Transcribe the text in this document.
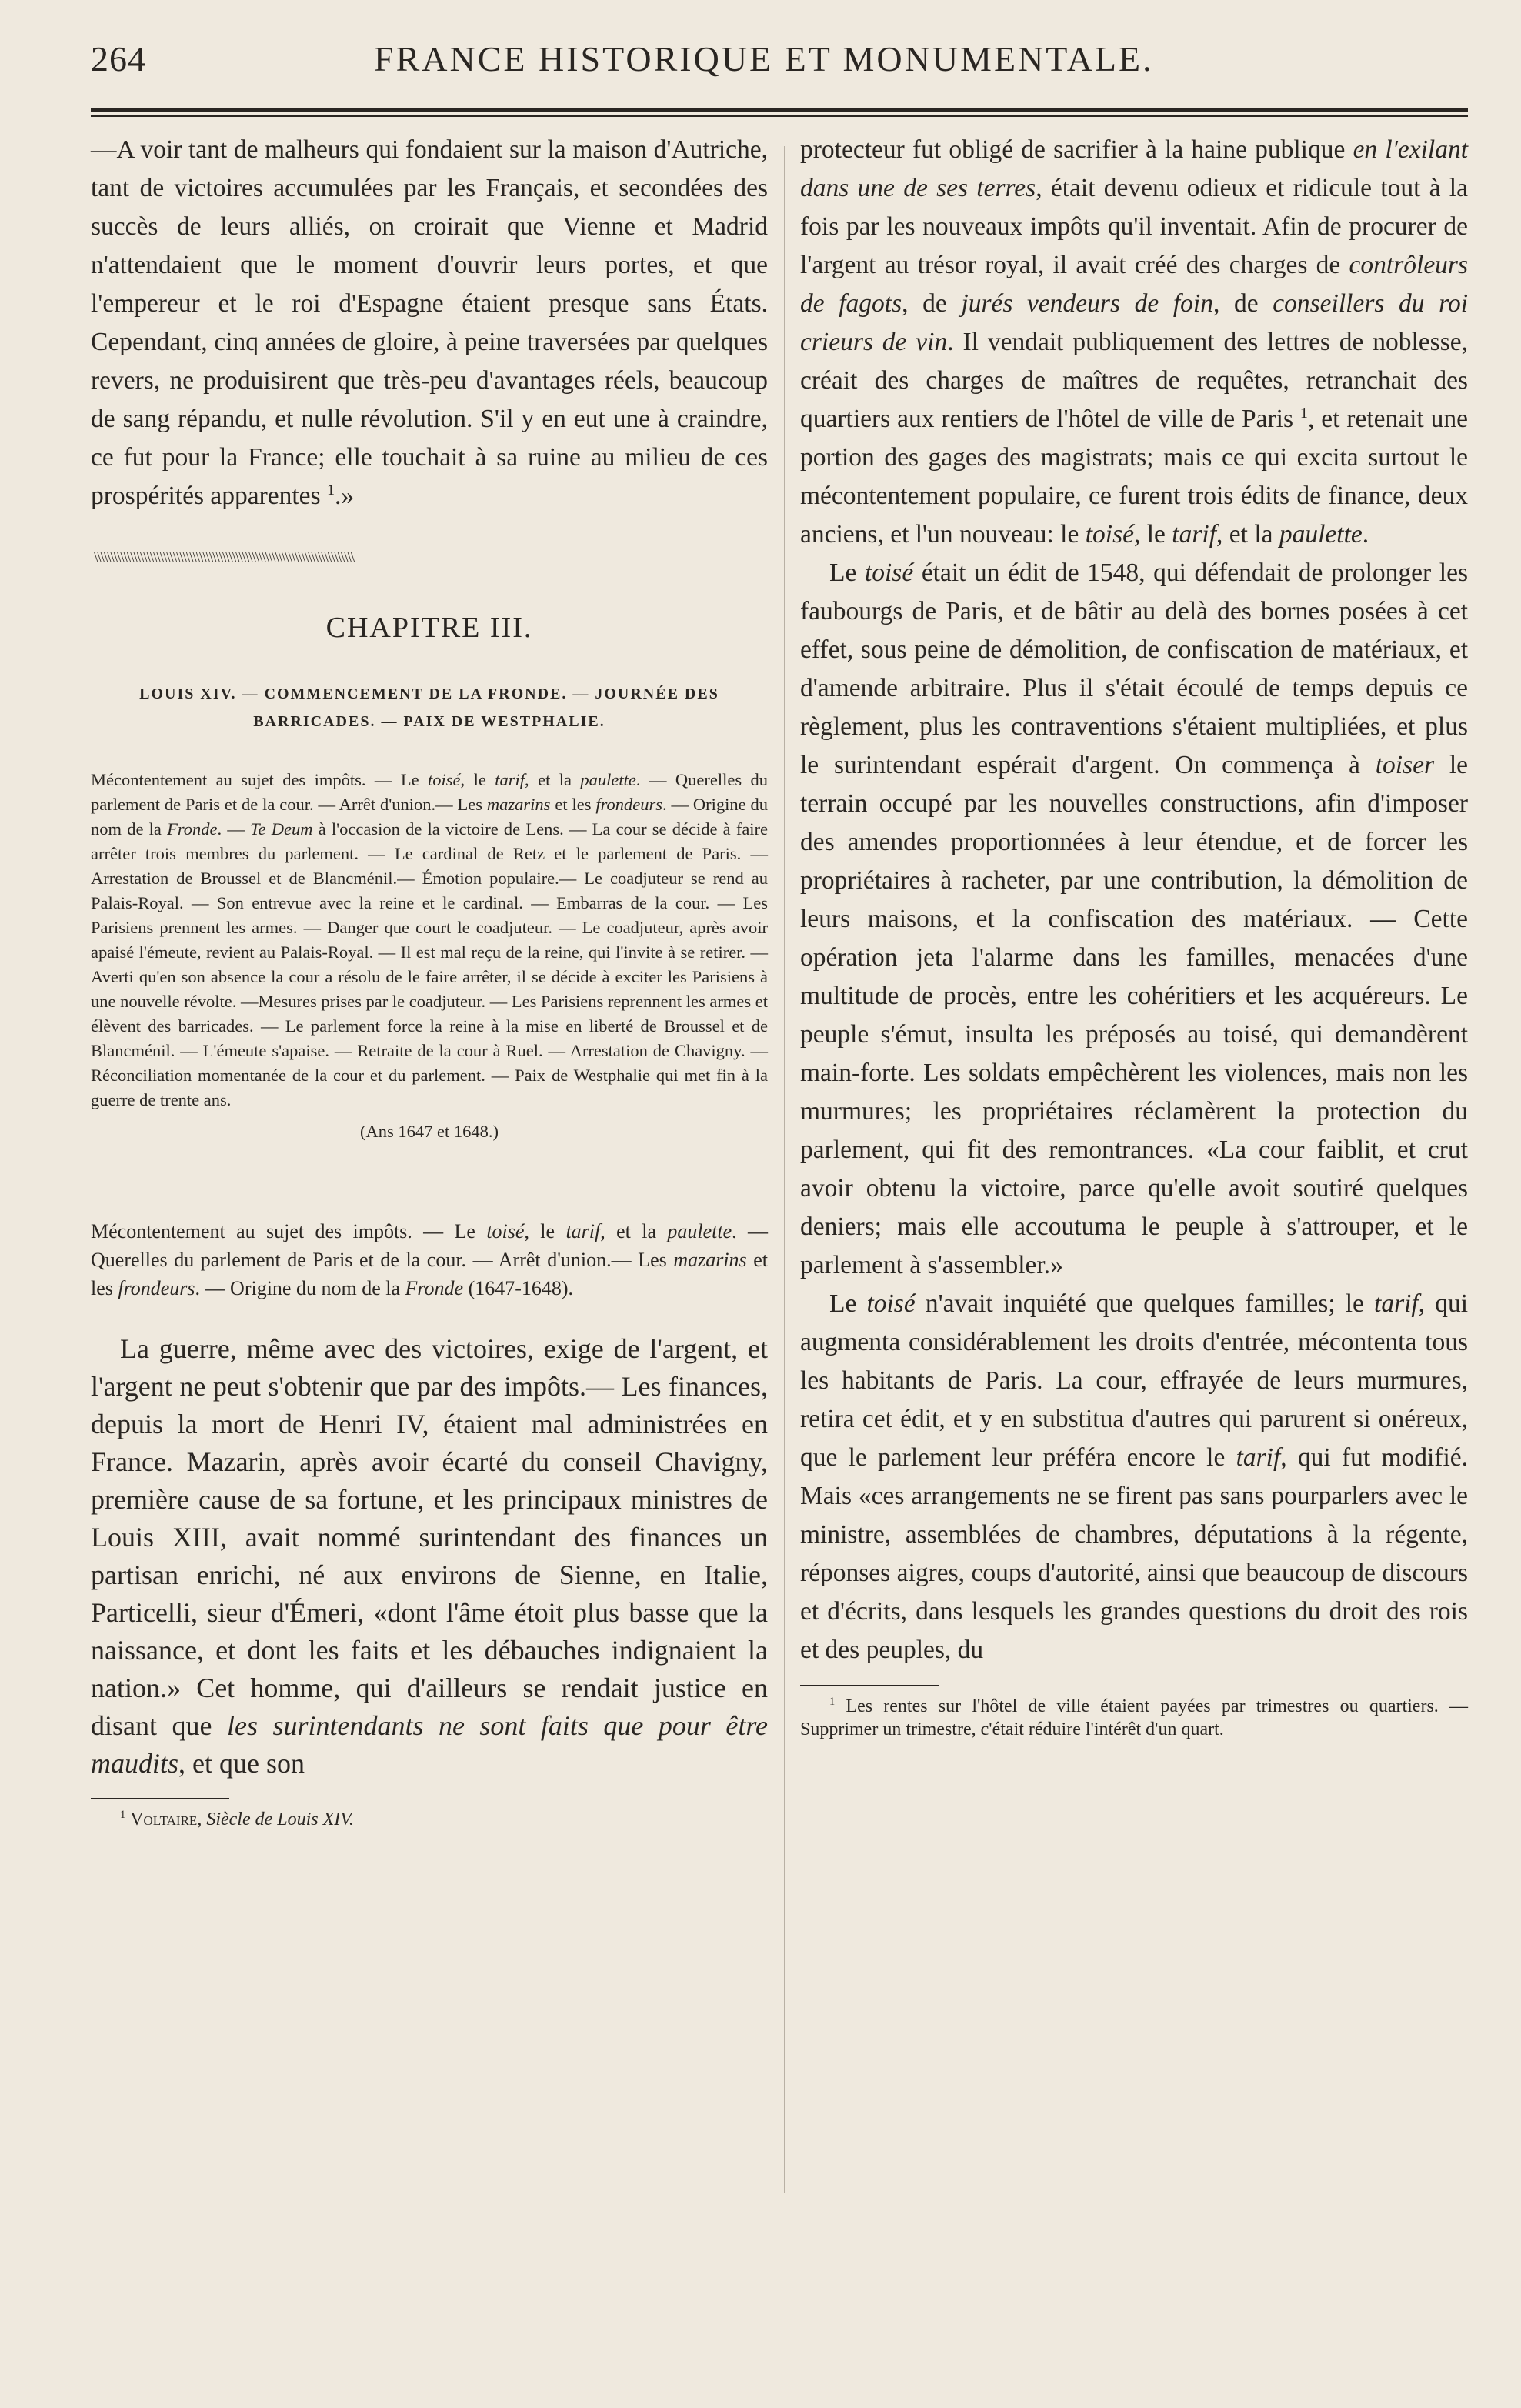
264	FRANCE HISTORIQUE ET MONUMENTALE.

—A voir tant de malheurs qui fondaient sur la maison d'Autriche, tant de victoires accumulées par les Français, et secondées des succès de leurs alliés, on croirait que Vienne et Madrid n'attendaient que le moment d'ouvrir leurs portes, et que l'empereur et le roi d'Espagne étaient presque sans États. Cependant, cinq années de gloire, à peine traversées par quelques revers, ne produisirent que très-peu d'avantages réels, beaucoup de sang répandu, et nulle révolution. S'il y en eut une à craindre, ce fut pour la France; elle touchait à sa ruine au milieu de ces prospérités apparentes $^1$.»

\\\\\\\\\\\\\\\\\\\\\\\\\\\\\\\\\\\\\\\\\\\\\\\\\\\\\\\\\\\\\\\\\\\\\\\\\\\\\\\
CHAPITRE III.
LOUIS XIV. — COMMENCEMENT DE LA FRONDE. — JOURNÉE DES BARRICADES. — PAIX DE WESTPHALIE.

Mécontentement au sujet des impôts. — Le toisé, le tarif, et la paulette. — Querelles du parlement de Paris et de la cour. — Arrêt d'union.— Les mazarins et les frondeurs. — Origine du nom de la Fronde. — Te Deum à l'occasion de la victoire de Lens. — La cour se décide à faire arrêter trois membres du parlement. — Le cardinal de Retz et le parlement de Paris. — Arrestation de Broussel et de Blancménil.— Émotion populaire.— Le coadjuteur se rend au Palais-Royal. — Son entrevue avec la reine et le cardinal. — Embarras de la cour. — Les Parisiens prennent les armes. — Danger que court le coadjuteur. — Le coadjuteur, après avoir apaisé l'émeute, revient au Palais-Royal. — Il est mal reçu de la reine, qui l'invite à se retirer. — Averti qu'en son absence la cour a résolu de le faire arrêter, il se décide à exciter les Parisiens à une nouvelle révolte. —Mesures prises par le coadjuteur. — Les Parisiens reprennent les armes et élèvent des barricades. — Le parlement force la reine à la mise en liberté de Broussel et de Blancménil. — L'émeute s'apaise. — Retraite de la cour à Ruel. — Arrestation de Chavigny. — Réconciliation momentanée de la cour et du parlement. — Paix de Westphalie qui met fin à la guerre de trente ans.

(Ans 1647 et 1648.)

Mécontentement au sujet des impôts. — Le toisé, le tarif, et la paulette. — Querelles du parlement de Paris et de la cour. — Arrêt d'union.— Les mazarins et les frondeurs. — Origine du nom de la Fronde (1647-1648).

La guerre, même avec des victoires, exige de l'argent, et l'argent ne peut s'obtenir que par des impôts.— Les finances, depuis la mort de Henri IV, étaient mal administrées en France. Mazarin, après avoir écarté du conseil Chavigny, première cause de sa fortune, et les principaux ministres de Louis XIII, avait nommé surintendant des finances un partisan enrichi, né aux environs de Sienne, en Italie, Particelli, sieur d'Émeri, «dont l'âme étoit plus basse que la naissance, et dont les faits et les débauches indignaient la nation.» Cet homme, qui d'ailleurs se rendait justice en disant que les surintendants ne sont faits que pour être maudits, et que son

$^1$ Voltaire, Siècle de Louis XIV.

protecteur fut obligé de sacrifier à la haine publique en l'exilant dans une de ses terres, était devenu odieux et ridicule tout à la fois par les nouveaux impôts qu'il inventait. Afin de procurer de l'argent au trésor royal, il avait créé des charges de contrôleurs de fagots, de jurés vendeurs de foin, de conseillers du roi crieurs de vin. Il vendait publiquement des lettres de noblesse, créait des charges de maîtres de requêtes, retranchait des quartiers aux rentiers de l'hôtel de ville de Paris $^1$, et retenait une portion des gages des magistrats; mais ce qui excita surtout le mécontentement populaire, ce furent trois édits de finance, deux anciens, et l'un nouveau: le toisé, le tarif, et la paulette.

Le toisé était un édit de 1548, qui défendait de prolonger les faubourgs de Paris, et de bâtir au delà des bornes posées à cet effet, sous peine de démolition, de confiscation de matériaux, et d'amende arbitraire. Plus il s'était écoulé de temps depuis ce règlement, plus les contraventions s'étaient multipliées, et plus le surintendant espérait d'argent. On commença à toiser le terrain occupé par les nouvelles constructions, afin d'imposer des amendes proportionnées à leur étendue, et de forcer les propriétaires à racheter, par une contribution, la démolition de leurs maisons, et la confiscation des matériaux. — Cette opération jeta l'alarme dans les familles, menacées d'une multitude de procès, entre les cohéritiers et les acquéreurs. Le peuple s'émut, insulta les préposés au toisé, qui demandèrent main-forte. Les soldats empêchèrent les violences, mais non les murmures; les propriétaires réclamèrent la protection du parlement, qui fit des remontrances. «La cour faiblit, et crut avoir obtenu la victoire, parce qu'elle avoit soutiré quelques deniers; mais elle accoutuma le peuple à s'attrouper, et le parlement à s'assembler.»

Le toisé n'avait inquiété que quelques familles; le tarif, qui augmenta considérablement les droits d'entrée, mécontenta tous les habitants de Paris. La cour, effrayée de leurs murmures, retira cet édit, et y en substitua d'autres qui parurent si onéreux, que le parlement leur préféra encore le tarif, qui fut modifié. Mais «ces arrangements ne se firent pas sans pourparlers avec le ministre, assemblées de chambres, députations à la régente, réponses aigres, coups d'autorité, ainsi que beaucoup de discours et d'écrits, dans lesquels les grandes questions du droit des rois et des peuples, du

$^1$ Les rentes sur l'hôtel de ville étaient payées par trimestres ou quartiers. — Supprimer un trimestre, c'était réduire l'intérêt d'un quart.
